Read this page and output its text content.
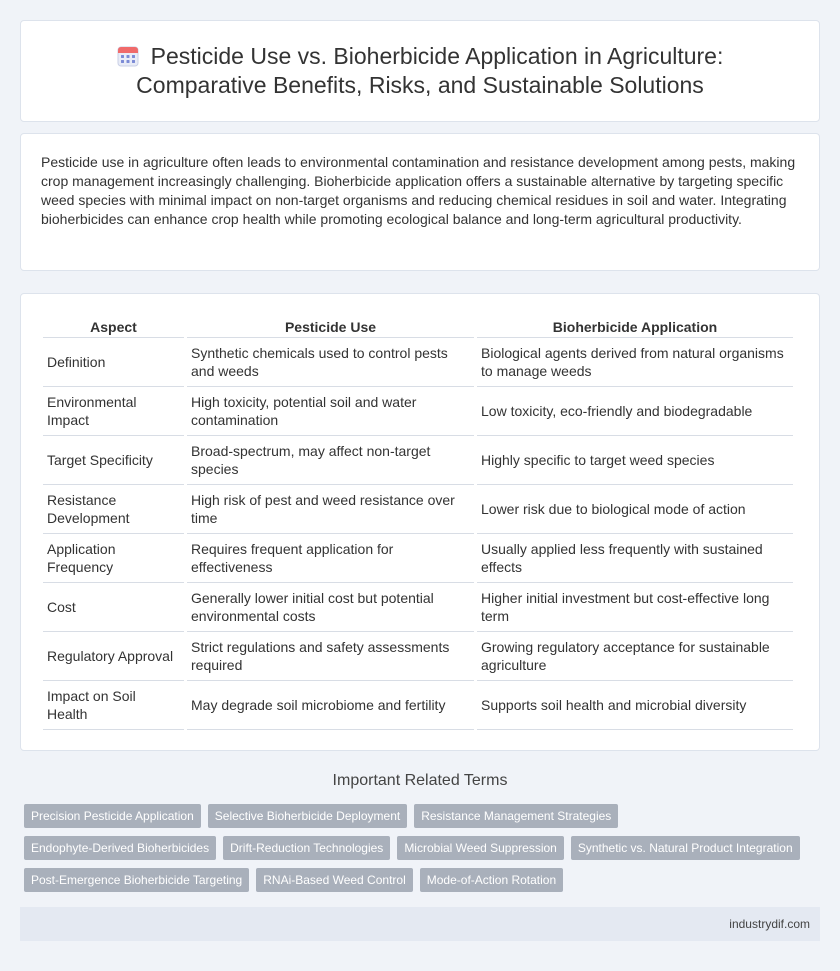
Pesticide Use vs. Bioherbicide Application in Agriculture: Comparative Benefits, Risks, and Sustainable Solutions

Pesticide use in agriculture often leads to environmental contamination and resistance development among pests, making crop management increasingly challenging. Bioherbicide application offers a sustainable alternative by targeting specific weed species with minimal impact on non-target organisms and reducing chemical residues in soil and water. Integrating bioherbicides can enhance crop health while promoting ecological balance and long-term agricultural productivity.

Aspect	Pesticide Use	Bioherbicide Application
Definition	Synthetic chemicals used to control pests and weeds	Biological agents derived from natural organisms to manage weeds
Environmental Impact	High toxicity, potential soil and water contamination	Low toxicity, eco-friendly and biodegradable
Target Specificity	Broad-spectrum, may affect non-target species	Highly specific to target weed species
Resistance Development	High risk of pest and weed resistance over time	Lower risk due to biological mode of action
Application Frequency	Requires frequent application for effectiveness	Usually applied less frequently with sustained effects
Cost	Generally lower initial cost but potential environmental costs	Higher initial investment but cost-effective long term
Regulatory Approval	Strict regulations and safety assessments required	Growing regulatory acceptance for sustainable agriculture
Impact on Soil Health	May degrade soil microbiome and fertility	Supports soil health and microbial diversity
Important Related Terms
Precision Pesticide Application	Selective Bioherbicide Deployment	Resistance Management Strategies
Endophyte-Derived Bioherbicides	Drift-Reduction Technologies	Microbial Weed Suppression	Synthetic vs. Natural Product Integration
Post-Emergence Bioherbicide Targeting	RNAi-Based Weed Control	Mode-of-Action Rotation
industrydif.com
